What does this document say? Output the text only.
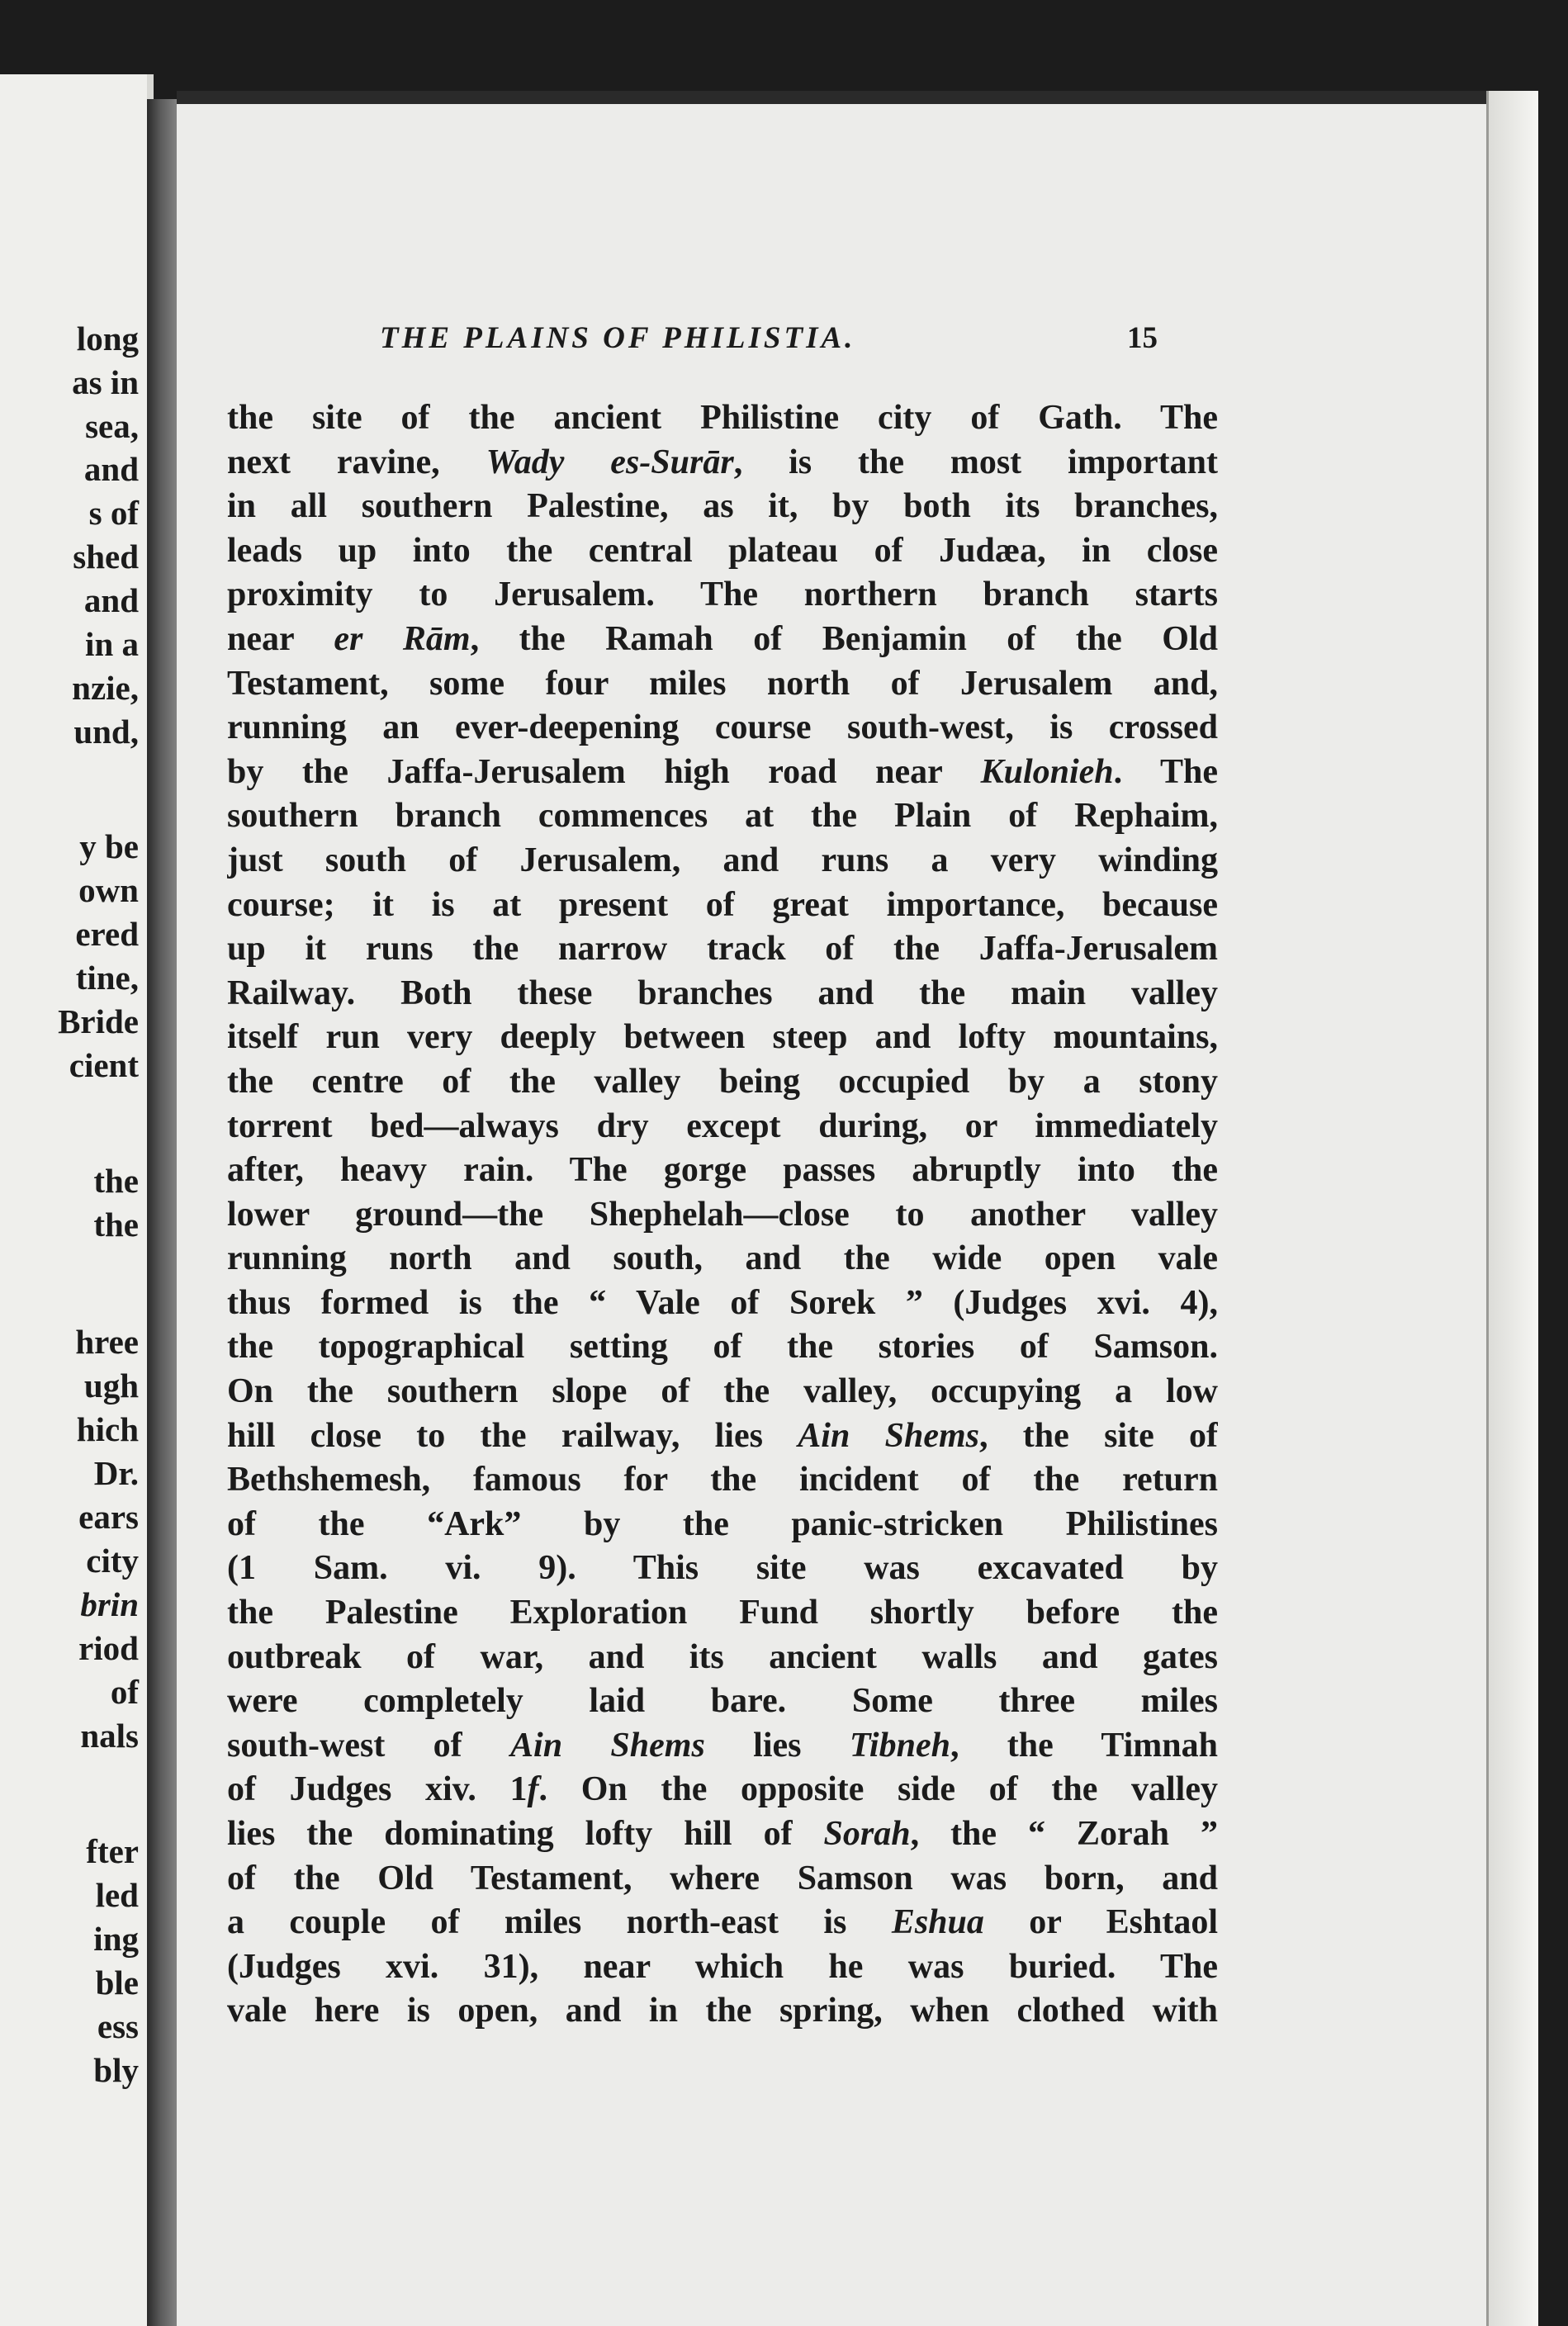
long
as in
sea,
and
s of
shed
and
in a
nzie,
und,
y be
own
ered
tine,
Bride
cient
the
the
hree
ugh
hich
Dr.
ears
city
brin
riod
of
nals
fter
led
ing
ble
ess
bly
THE PLAINS OF PHILISTIA.	15
the site of the ancient Philistine city of Gath. The
next ravine, Wady es-Surār, is the most important
in all southern Palestine, as it, by both its branches,
leads up into the central plateau of Judæa, in close
proximity to Jerusalem. The northern branch starts
near er Rām, the Ramah of Benjamin of the Old
Testament, some four miles north of Jerusalem and,
running an ever-deepening course south-west, is crossed
by the Jaffa-Jerusalem high road near Kulonieh. The
southern branch commences at the Plain of Rephaim,
just south of Jerusalem, and runs a very winding
course; it is at present of great importance, because
up it runs the narrow track of the Jaffa-Jerusalem
Railway. Both these branches and the main valley
itself run very deeply between steep and lofty mountains,
the centre of the valley being occupied by a stony
torrent bed—always dry except during, or immediately
after, heavy rain. The gorge passes abruptly into the
lower ground—the Shephelah—close to another valley
running north and south, and the wide open vale
thus formed is the “ Vale of Sorek ” (Judges xvi. 4),
the topographical setting of the stories of Samson.
On the southern slope of the valley, occupying a low
hill close to the railway, lies Ain Shems, the site of
Bethshemesh, famous for the incident of the return
of the “Ark” by the panic-stricken Philistines
(1 Sam. vi. 9). This site was excavated by
the Palestine Exploration Fund shortly before the
outbreak of war, and its ancient walls and gates
were completely laid bare. Some three miles
south-west of Ain Shems lies Tibneh, the Timnah
of Judges xiv. 1f. On the opposite side of the valley
lies the dominating lofty hill of Sorah, the “ Zorah ”
of the Old Testament, where Samson was born, and
a couple of miles north-east is Eshua or Eshtaol
(Judges xvi. 31), near which he was buried. The
vale here is open, and in the spring, when clothed with
